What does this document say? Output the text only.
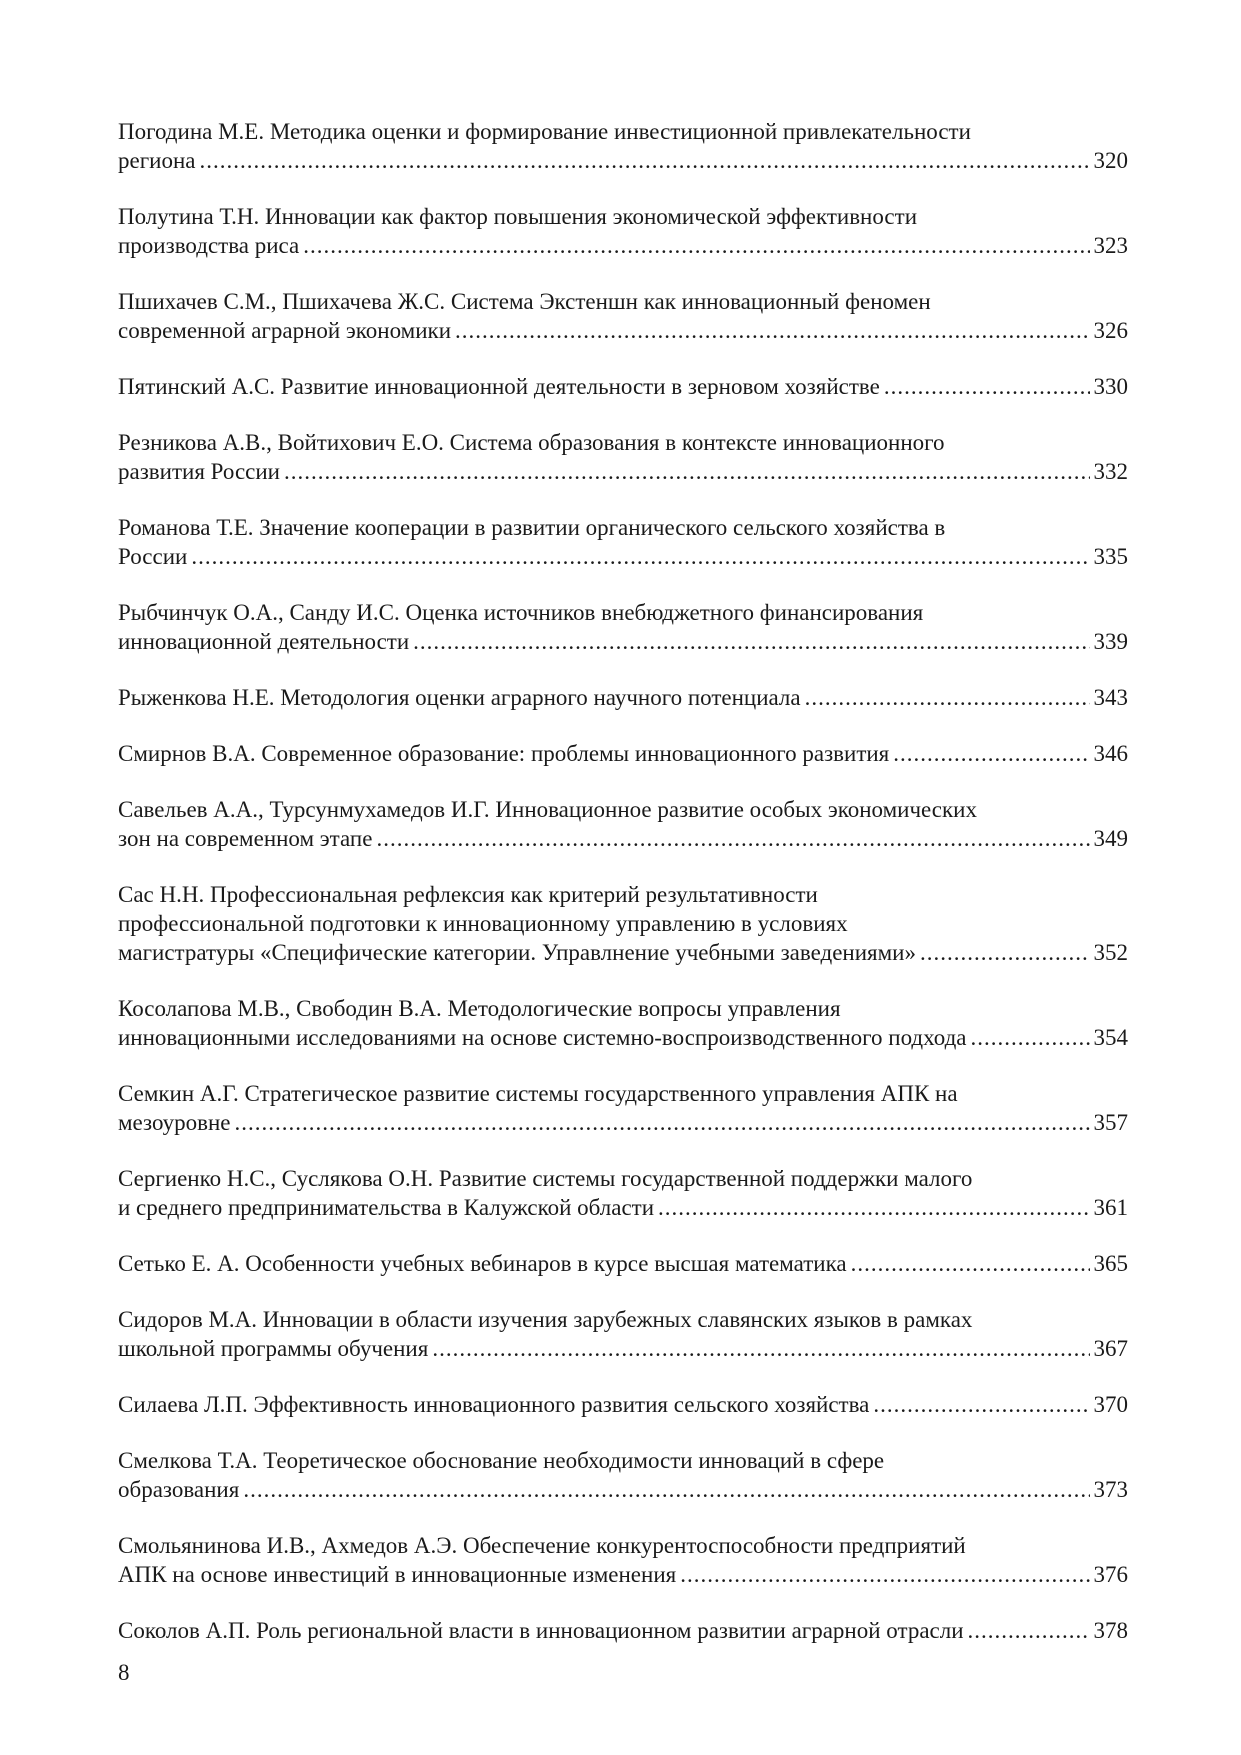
Погодина М.Е. Методика оценки и формирование инвестиционной привлекательности
региона .....	320
Полутина Т.Н. Инновации как фактор повышения экономической эффективности
производства риса .....	323
Пшихачев С.М., Пшихачева Ж.С. Система Экстеншн как инновационный феномен
современной аграрной экономики .....	326
Пятинский А.С. Развитие инновационной деятельности в зерновом хозяйстве .....	330
Резникова А.В., Войтихович Е.О. Система образования в контексте инновационного
развития России .....	332
Романова Т.Е. Значение кооперации в развитии органического сельского хозяйства в
России .....	335
Рыбчинчук О.А., Санду И.С. Оценка источников внебюджетного финансирования
инновационной деятельности .....	339
Рыженкова Н.Е. Методология оценки аграрного научного потенциала .....	343
Смирнов В.А. Современное образование: проблемы инновационного развития .....	346
Савельев А.А., Турсунмухамедов И.Г. Инновационное развитие особых экономических
зон на современном этапе .....	349
Сас Н.Н. Профессиональная рефлексия как критерий результативности
профессиональной подготовки к инновационному управлению в условиях
магистратуры «Специфические категории. Управлнение учебными заведениями» .....	352
Косолапова М.В., Свободин В.А. Методологические вопросы управления
инновационными исследованиями на основе системно-воспроизводственного подхода .....	354
Семкин А.Г. Стратегическое развитие системы государственного управления АПК на
мезоуровне .....	357
Сергиенко Н.С., Суслякова О.Н. Развитие системы государственной поддержки малого
и среднего предпринимательства в Калужской области .....	361
Сетько Е. А. Особенности учебных вебинаров в курсе высшая математика .....	365
Сидоров М.А. Инновации в области изучения зарубежных славянских языков в рамках
школьной программы обучения .....	367
Силаева Л.П. Эффективность инновационного развития сельского хозяйства .....	370
Смелкова Т.А. Теоретическое обоснование необходимости инноваций в сфере
образования .....	373
Смольянинова И.В., Ахмедов А.Э. Обеспечение конкурентоспособности предприятий
АПК на основе инвестиций в инновационные изменения .....	376
Соколов А.П. Роль региональной власти в инновационном развитии аграрной отрасли .....	378
8
